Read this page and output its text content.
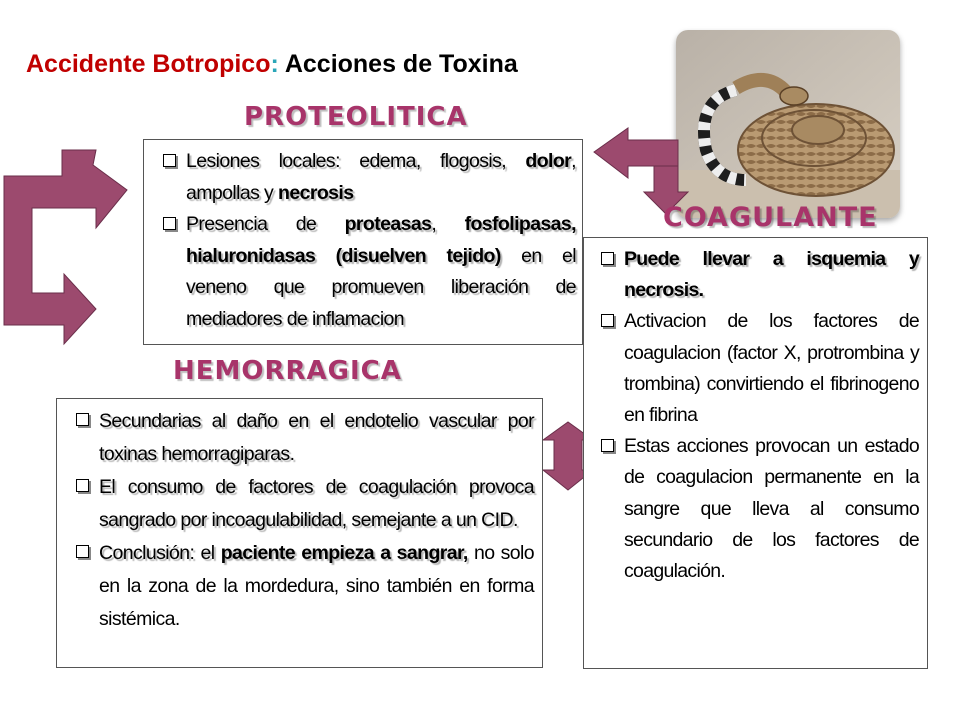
Accidente Botropico: Acciones de Toxina
PROTEOLITICA
COAGULANTE
HEMORRAGICA
Lesiones locales: edema, flogosis, dolor, ampollas y necrosis
Presencia de proteasas, fosfolipasas, hialuronidasas (disuelven tejido) en el veneno que promueven liberación de mediadores de inflamacion
Puede llevar a isquemia y necrosis.
Activacion de los factores de coagulacion (factor X, protrombina y trombina) convirtiendo el fibrinogeno en fibrina
Estas acciones provocan un estado de coagulacion permanente en la sangre que lleva al consumo secundario de los factores de coagulación.
Secundarias al daño en el endotelio vascular por toxinas hemorragiparas.
El consumo de factores de coagulación provoca sangrado por incoagulabilidad, semejante a un CID.
Conclusión: el paciente empieza a sangrar, no solo en la zona de la mordedura, sino también en forma sistémica.
